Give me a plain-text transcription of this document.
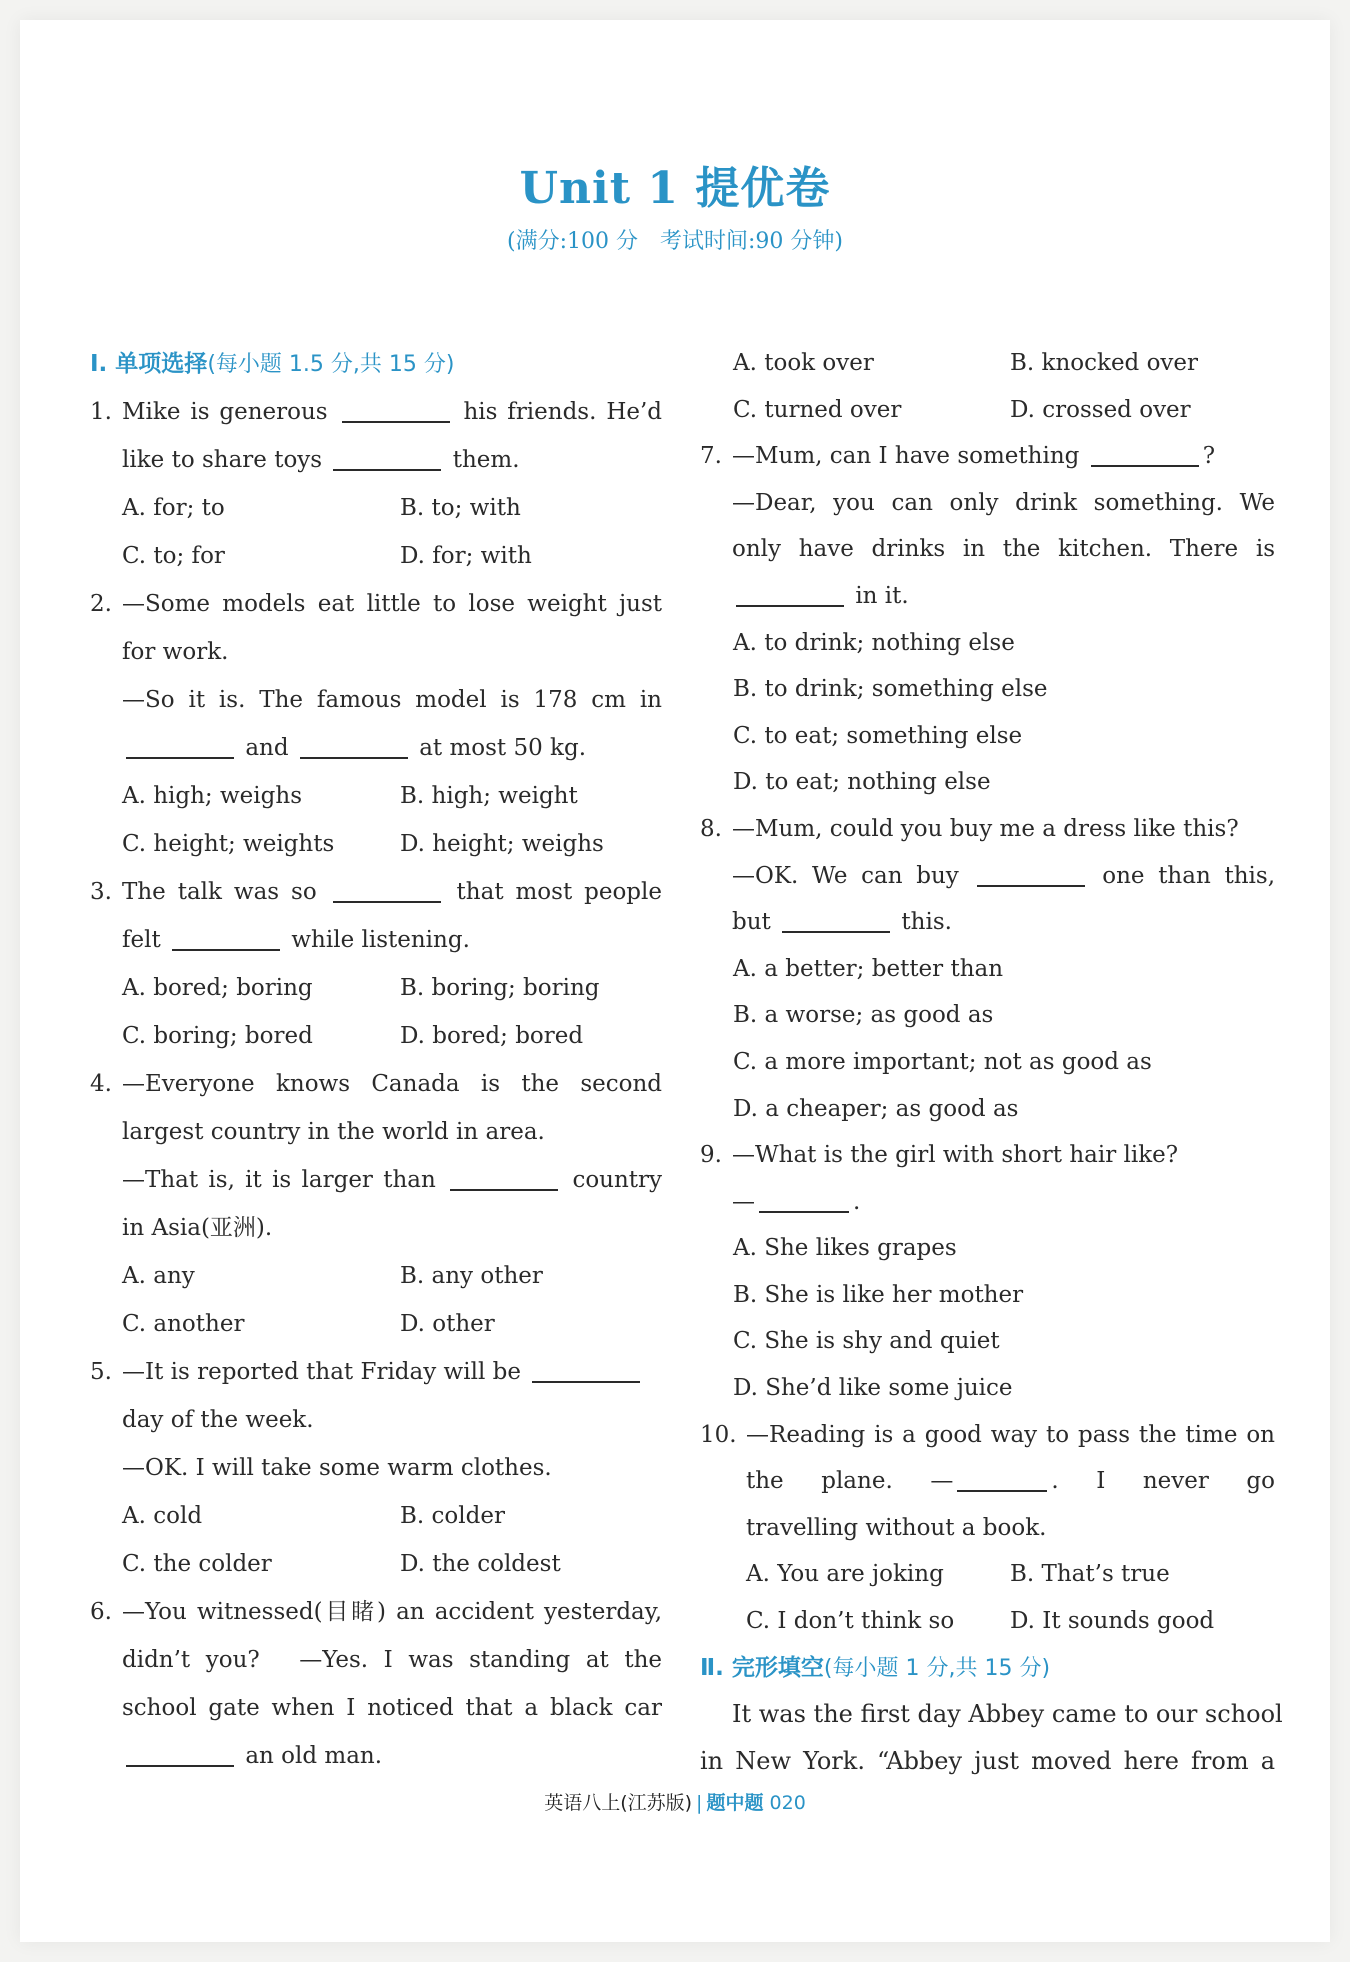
Unit 1 提优卷
(满分:100 分　考试时间:90 分钟)
Ⅰ. 单项选择(每小题 1.5 分,共 15 分)
1. Mike is generous	his friends. He’d
like to share toys	them.
A. for; to	B. to; with
C. to; for	D. for; with
2. —Some models eat little to lose weight just
for work.
—So it is. The famous model is 178 cm in
and	at most 50 kg.
A. high; weighs	B. high; weight
C. height; weights	D. height; weighs
3. The talk was so	that most people
felt	while listening.
A. bored; boring	B. boring; boring
C. boring; bored	D. bored; bored
4. —Everyone knows Canada is the second
largest country in the world in area.
—That is, it is larger than	country
in Asia(亚洲).
A. any	B. any other
C. another	D. other
5. —It is reported that Friday will be
day of the week.
—OK. I will take some warm clothes.
A. cold	B. colder
C. the colder	D. the coldest
6. —You witnessed(目睹) an accident yesterday,
didn’t you?　—Yes. I was standing at the
school gate when I noticed that a black car
an old man.
A. took over	B. knocked over
C. turned over	D. crossed over
7. —Mum, can I have something	?
—Dear, you can only drink something. We
only have drinks in the kitchen. There is
in it.
A. to drink; nothing else
B. to drink; something else
C. to eat; something else
D. to eat; nothing else
8. —Mum, could you buy me a dress like this?
—OK. We can buy	one than this,
but	this.
A. a better; better than
B. a worse; as good as
C. a more important; not as good as
D. a cheaper; as good as
9. —What is the girl with short hair like?
—	.
A. She likes grapes
B. She is like her mother
C. She is shy and quiet
D. She’d like some juice
10. —Reading is a good way to pass the time on
the plane. —	. I never go
travelling without a book.
A. You are joking	B. That’s true
C. I don’t think so D. It sounds good
Ⅱ. 完形填空(每小题 1 分,共 15 分)
It was the first day Abbey came to our school
in New York. “Abbey just moved here from a
英语八上(江苏版) | 题中题 020
